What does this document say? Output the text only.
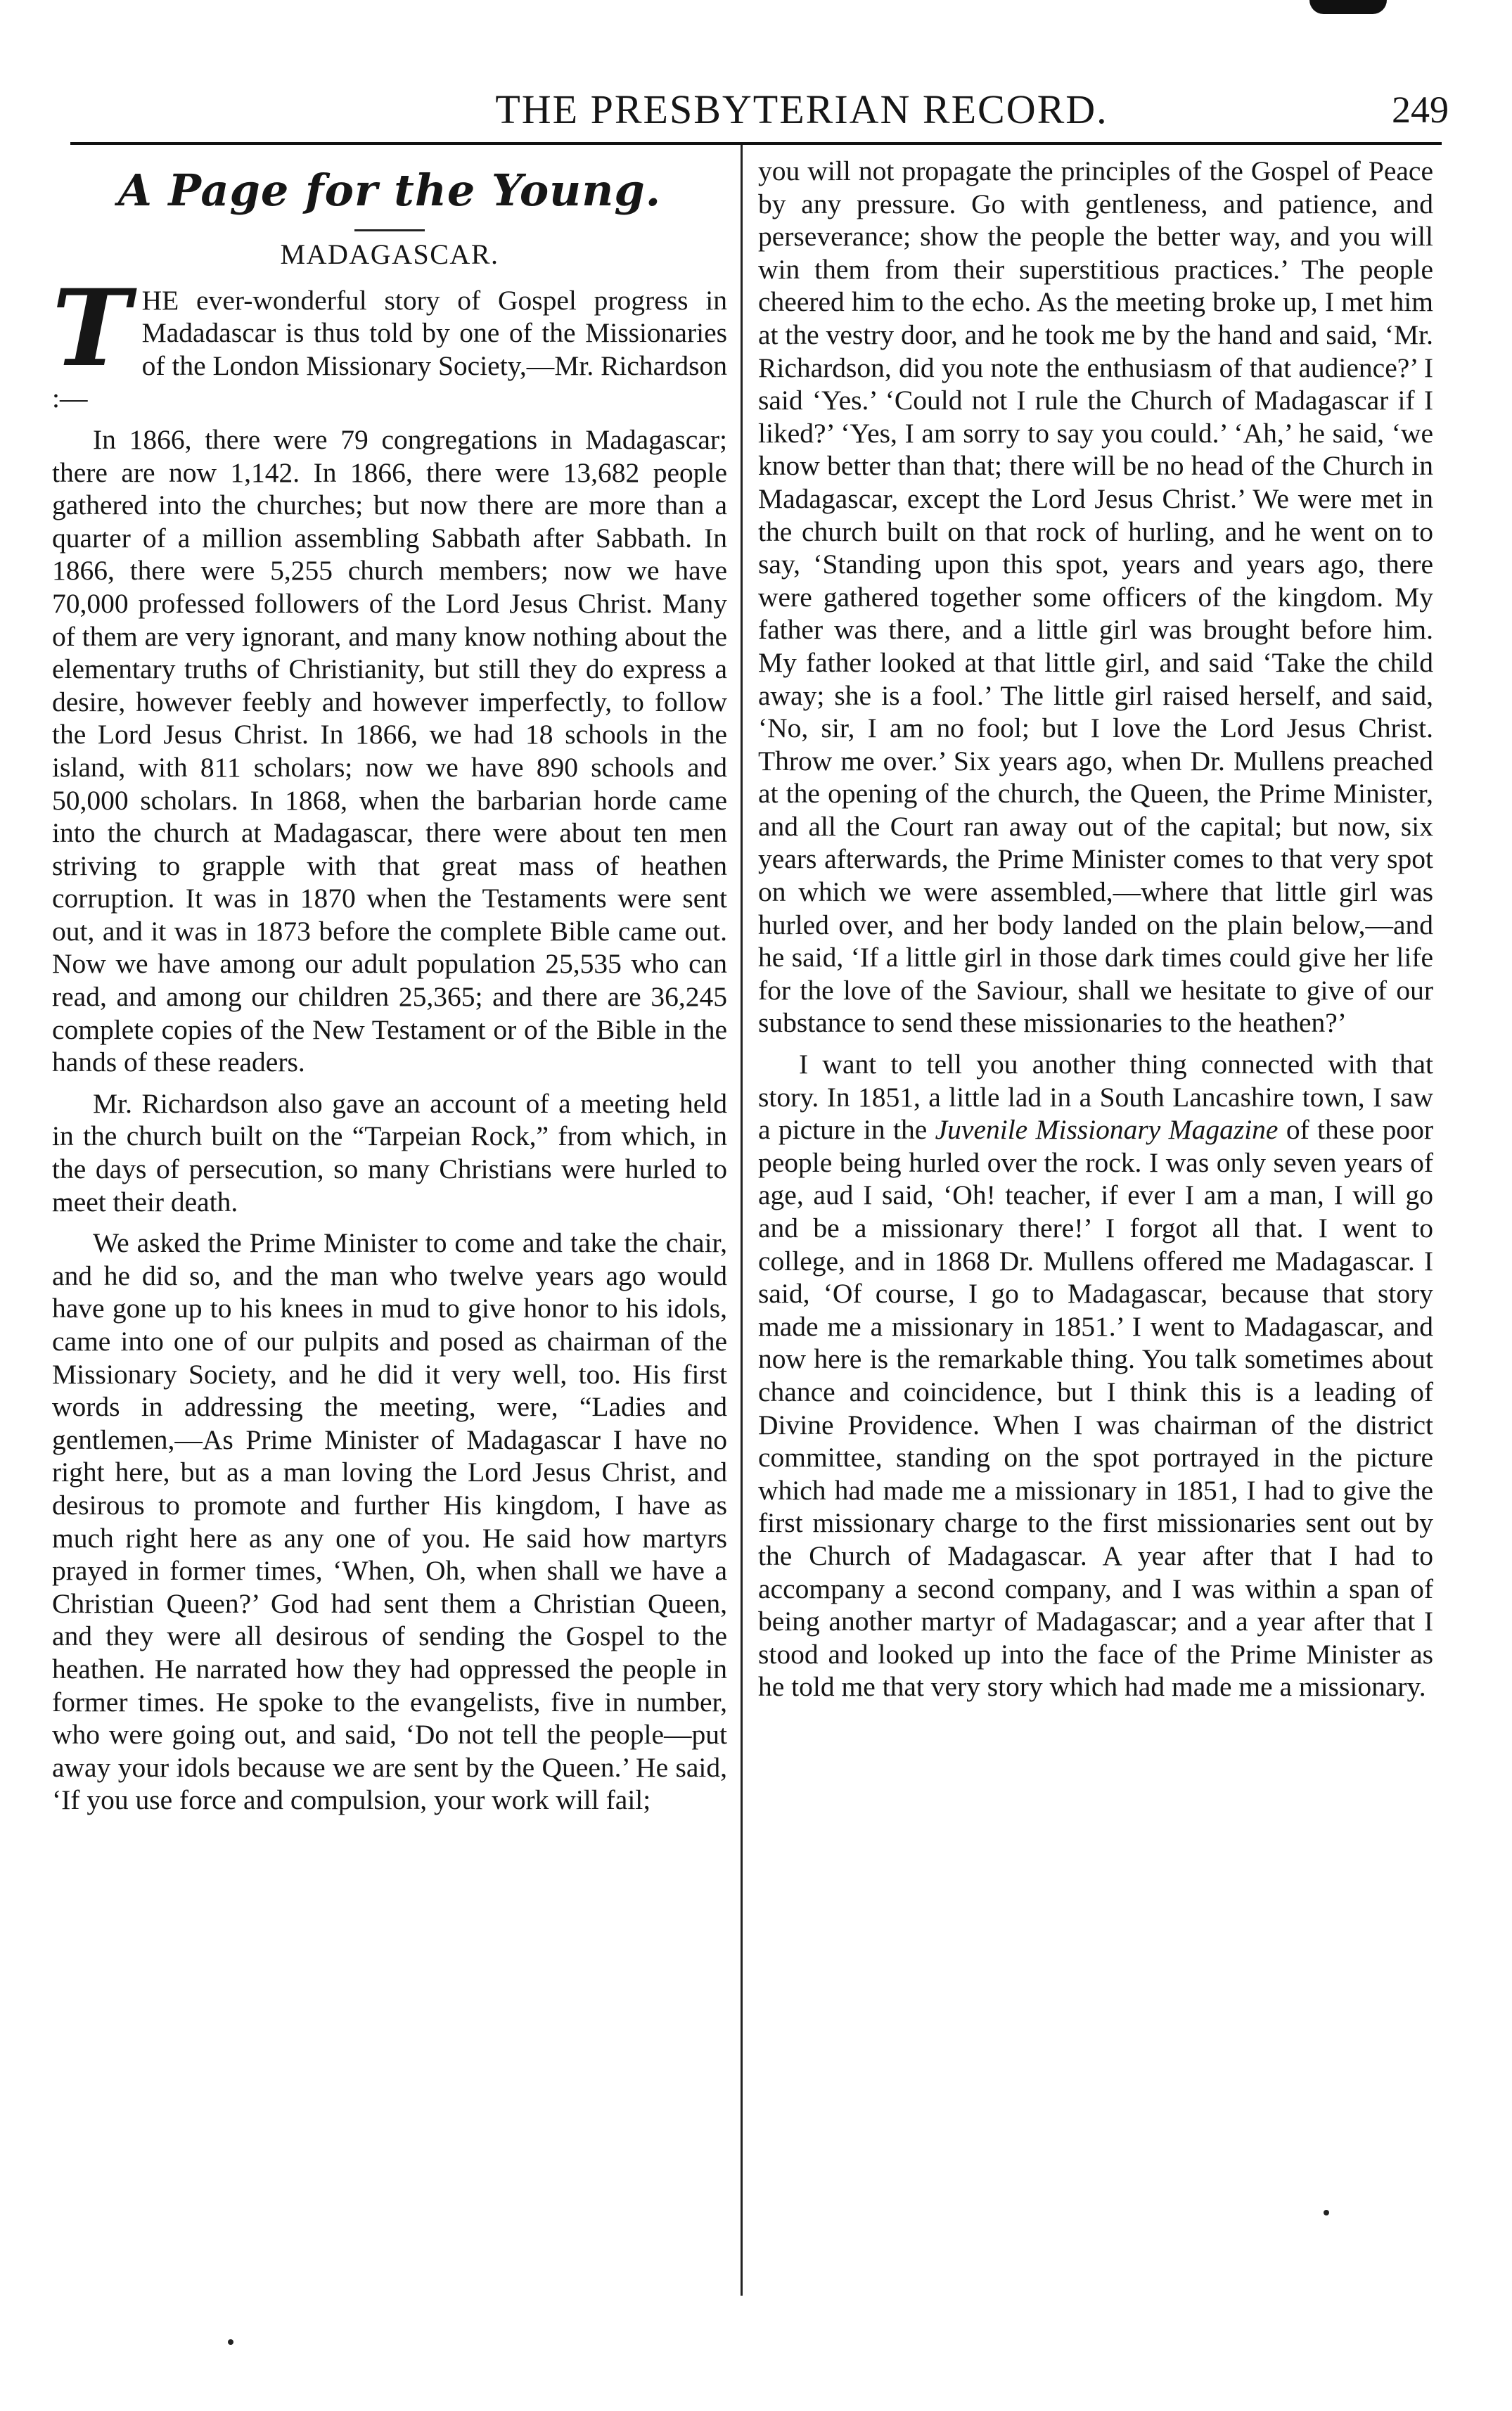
THE PRESBYTERIAN RECORD.	249
A Page for the Young.
MADAGASCAR.

THE ever-wonderful story of Gospel progress in Madadascar is thus told by one of the Missionaries of the London Missionary Society,—Mr. Richardson :—

In 1866, there were 79 congregations in Madagascar; there are now 1,142. In 1866, there were 13,682 people gathered into the churches; but now there are more than a quarter of a million assembling Sabbath after Sabbath. In 1866, there were 5,255 church members; now we have 70,000 professed followers of the Lord Jesus Christ. Many of them are very ignorant, and many know nothing about the elementary truths of Christianity, but still they do express a desire, however feebly and however imperfectly, to follow the Lord Jesus Christ. In 1866, we had 18 schools in the island, with 811 scholars; now we have 890 schools and 50,000 scholars. In 1868, when the barbarian horde came into the church at Madagascar, there were about ten men striving to grapple with that great mass of heathen corruption. It was in 1870 when the Testaments were sent out, and it was in 1873 before the complete Bible came out. Now we have among our adult population 25,535 who can read, and among our children 25,365; and there are 36,245 complete copies of the New Testament or of the Bible in the hands of these readers.

Mr. Richardson also gave an account of a meeting held in the church built on the “Tarpeian Rock,” from which, in the days of persecution, so many Christians were hurled to meet their death.

We asked the Prime Minister to come and take the chair, and he did so, and the man who twelve years ago would have gone up to his knees in mud to give honor to his idols, came into one of our pulpits and posed as chairman of the Missionary Society, and he did it very well, too. His first words in addressing the meeting, were, “Ladies and gentlemen,—As Prime Minister of Madagascar I have no right here, but as a man loving the Lord Jesus Christ, and desirous to promote and further His kingdom, I have as much right here as any one of you. He said how martyrs prayed in former times, ‘When, Oh, when shall we have a Christian Queen?’ God had sent them a Christian Queen, and they were all desirous of sending the Gospel to the heathen. He narrated how they had oppressed the people in former times. He spoke to the evangelists, five in number, who were going out, and said, ‘Do not tell the people—put away your idols because we are sent by the Queen.’ He said, ‘If you use force and compulsion, your work will fail;

you will not propagate the principles of the Gospel of Peace by any pressure. Go with gentleness, and patience, and perseverance; show the people the better way, and you will win them from their superstitious practices.’ The people cheered him to the echo. As the meeting broke up, I met him at the vestry door, and he took me by the hand and said, ‘Mr. Richardson, did you note the enthusiasm of that audience?’ I said ‘Yes.’ ‘Could not I rule the Church of Madagascar if I liked?’ ‘Yes, I am sorry to say you could.’ ‘Ah,’ he said, ‘we know better than that; there will be no head of the Church in Madagascar, except the Lord Jesus Christ.’ We were met in the church built on that rock of hurling, and he went on to say, ‘Standing upon this spot, years and years ago, there were gathered together some officers of the kingdom. My father was there, and a little girl was brought before him. My father looked at that little girl, and said ‘Take the child away; she is a fool.’ The little girl raised herself, and said, ‘No, sir, I am no fool; but I love the Lord Jesus Christ. Throw me over.’ Six years ago, when Dr. Mullens preached at the opening of the church, the Queen, the Prime Minister, and all the Court ran away out of the capital; but now, six years afterwards, the Prime Minister comes to that very spot on which we were assembled,—where that little girl was hurled over, and her body landed on the plain below,—and he said, ‘If a little girl in those dark times could give her life for the love of the Saviour, shall we hesitate to give of our substance to send these missionaries to the heathen?’

I want to tell you another thing connected with that story. In 1851, a little lad in a South Lancashire town, I saw a picture in the Juvenile Missionary Magazine of these poor people being hurled over the rock. I was only seven years of age, aud I said, ‘Oh! teacher, if ever I am a man, I will go and be a missionary there!’ I forgot all that. I went to college, and in 1868 Dr. Mullens offered me Madagascar. I said, ‘Of course, I go to Madagascar, because that story made me a missionary in 1851.’ I went to Madagascar, and now here is the remarkable thing. You talk sometimes about chance and coincidence, but I think this is a leading of Divine Providence. When I was chairman of the district committee, standing on the spot portrayed in the picture which had made me a missionary in 1851, I had to give the first missionary charge to the first missionaries sent out by the Church of Madagascar. A year after that I had to accompany a second company, and I was within a span of being another martyr of Madagascar; and a year after that I stood and looked up into the face of the Prime Minister as he told me that very story which had made me a missionary.
